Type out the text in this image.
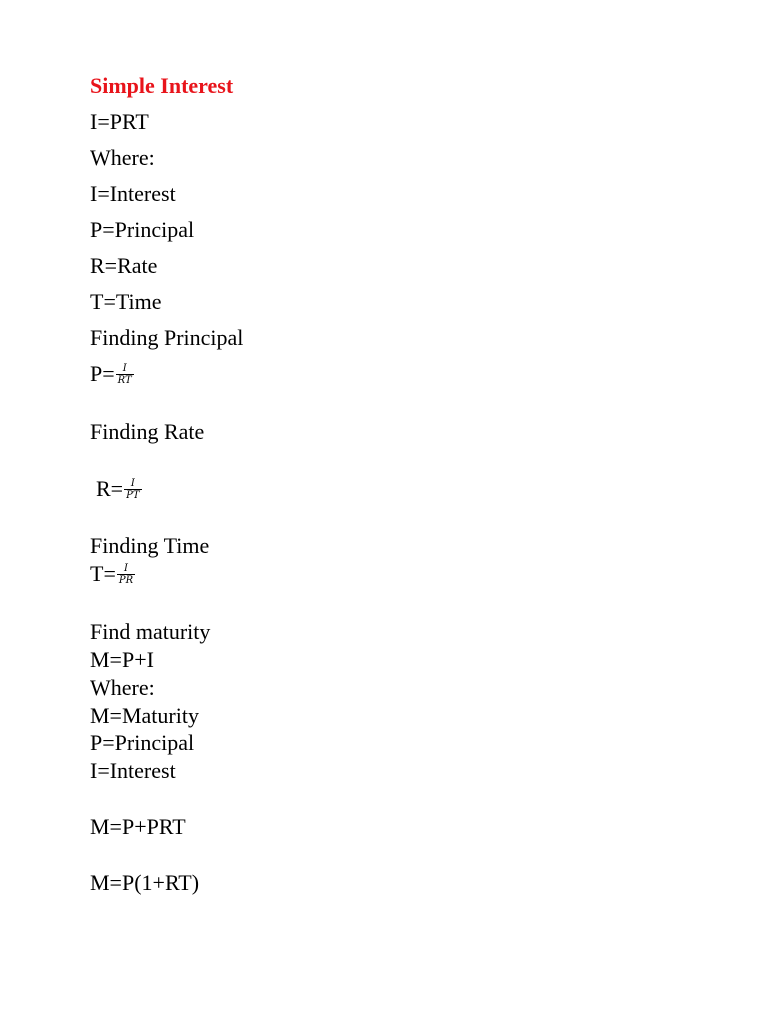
Simple Interest
I=PRT
Where:
I=Interest
P=Principal
R=Rate
T=Time
Finding Principal
$P= \frac{I}{RT}$
Finding Rate
$R= \frac{I}{PT}$
Finding Time
$T= \frac{I}{PR}$
Find maturity
M=P+I
Where:
M=Maturity
P=Principal
I=Interest
M=P+PRT
M=P(1+RT)
